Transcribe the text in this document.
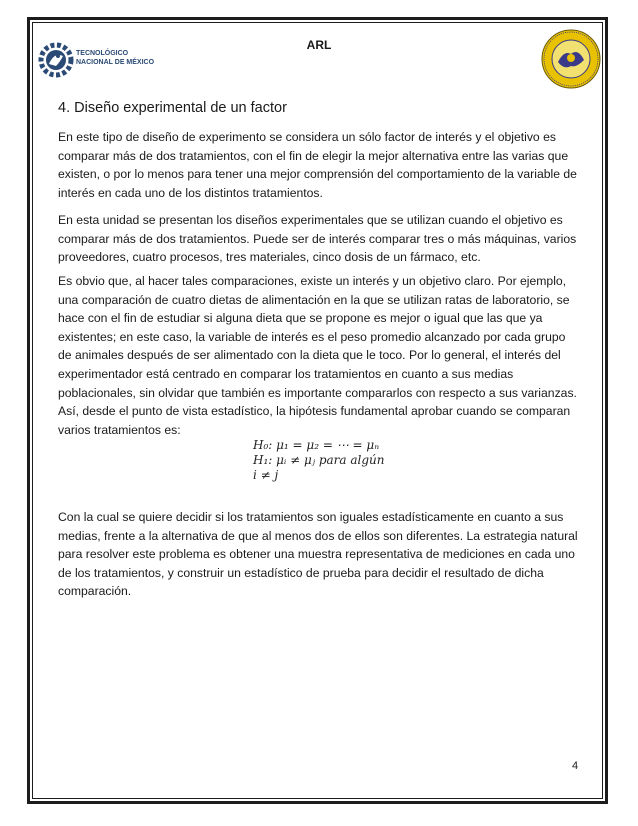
TECNOLÓGICO
NACIONAL DE MÉXICO
ARL
4. Diseño experimental de un factor

En este tipo de diseño de experimento se considera un sólo factor de interés y el objetivo es comparar más de dos tratamientos, con el fin de elegir la mejor alternativa entre las varias que existen, o por lo menos para tener una mejor comprensión del comportamiento de la variable de interés en cada uno de los distintos tratamientos.

En esta unidad se presentan los diseños experimentales que se utilizan cuando el objetivo es comparar más de dos tratamientos. Puede ser de interés comparar tres o más máquinas, varios proveedores, cuatro procesos, tres materiales, cinco dosis de un fármaco, etc.

Es obvio que, al hacer tales comparaciones, existe un interés y un objetivo claro. Por ejemplo, una comparación de cuatro dietas de alimentación en la que se utilizan ratas de laboratorio, se hace con el fin de estudiar si alguna dieta que se propone es mejor o igual que las que ya existentes; en este caso, la variable de interés es el peso promedio alcanzado por cada grupo de animales después de ser alimentado con la dieta que le toco. Por lo general, el interés del experimentador está centrado en comparar los tratamientos en cuanto a sus medias poblacionales, sin olvidar que también es importante compararlos con respecto a sus varianzas. Así, desde el punto de vista estadístico, la hipótesis fundamental aprobar cuando se comparan varios tratamientos es:

H₀: μ₁ = μ₂ = ⋯ = μₙ
H₁: μᵢ ≠ μⱼ para algún
i ≠ j

Con la cual se quiere decidir si los tratamientos son iguales estadísticamente en cuanto a sus medias, frente a la alternativa de que al menos dos de ellos son diferentes. La estrategia natural para resolver este problema es obtener una muestra representativa de mediciones en cada uno de los tratamientos, y construir un estadístico de prueba para decidir el resultado de dicha comparación.

4
